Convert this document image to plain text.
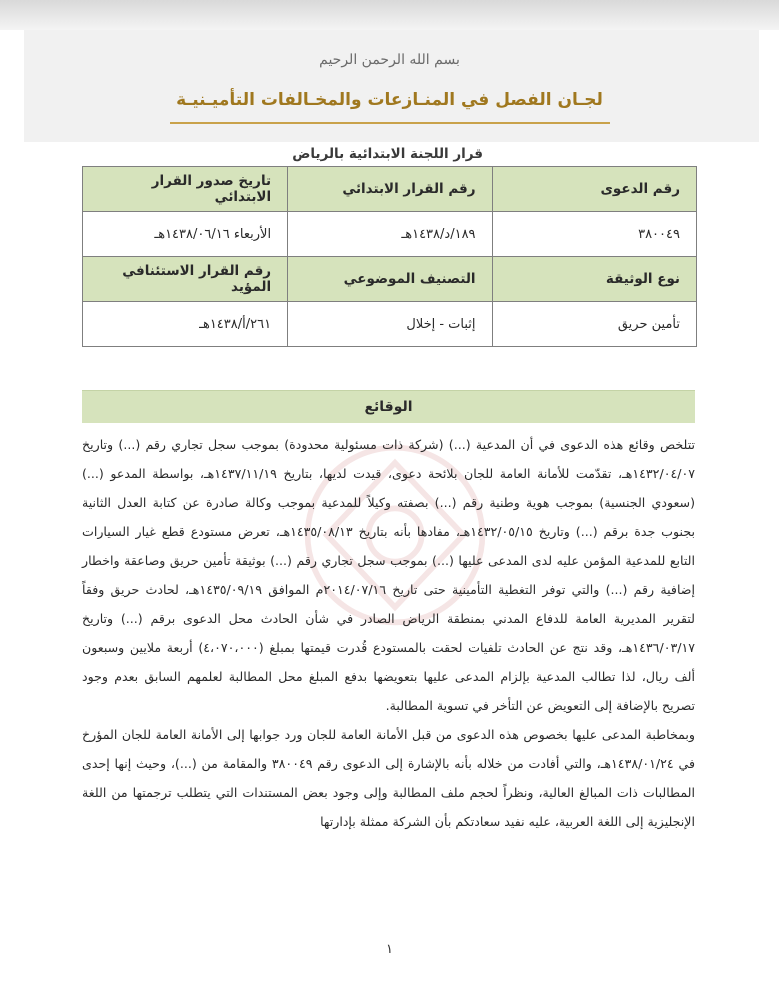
بسم الله الرحمن الرحيم
لجـان الفصل في المنـازعات والمخـالفات التأميـنيـة
قرار اللجنة الابتدائية بالرياض
رقم الدعوى	رقم القرار الابتدائي	تاريخ صدور القرار الابتدائي
٣٨٠٠٤٩	١٨٩/د/١٤٣٨هـ	الأربعاء ١٤٣٨/٠٦/١٦هـ
نوع الوثيقة	التصنيف الموضوعي	رقم القرار الاستئنافي المؤيد
تأمين حريق	إثبات - إخلال	٢٦١/أ/١٤٣٨هـ
الوقائع

تتلخص وقائع هذه الدعوى في أن المدعية (...) (شركة ذات مسئولية محدودة) بموجب سجل تجاري رقم (...) وتاريخ ١٤٣٢/٠٤/٠٧هـ، تقدّمت للأمانة العامة للجان بلائحة دعوى، قيدت لديها، بتاريخ ١٤٣٧/١١/١٩هـ، بواسطة المدعو (...) (سعودي الجنسية) بموجب هوية وطنية رقم (...) بصفته وكيلاً للمدعية بموجب وكالة صادرة عن كتابة العدل الثانية بجنوب جدة برقم (...) وتاريخ ١٤٣٢/٠٥/١٥هـ، مفادها بأنه بتاريخ ١٤٣٥/٠٨/١٣هـ، تعرض مستودع قطع غيار السيارات التابع للمدعية المؤمن عليه لدى المدعى عليها (...) بموجب سجل تجاري رقم (...) بوثيقة تأمين حريق وصاعقة واخطار إضافية رقم (...) والتي توفر التغطية التأمينية حتى تاريخ ٢٠١٤/٠٧/١٦م الموافق ١٤٣٥/٠٩/١٩هـ، لحادث حريق وفقاً لتقرير المديرية العامة للدفاع المدني بمنطقة الرياض الصادر في شأن الحادث محل الدعوى برقم (...) وتاريخ ١٤٣٦/٠٣/١٧هـ، وقد نتج عن الحادث تلفيات لحقت بالمستودع قُدرت قيمتها بمبلغ (٤،٠٧٠،٠٠٠) أربعة ملايين وسبعون ألف ريال، لذا تطالب المدعية بإلزام المدعى عليها بتعويضها بدفع المبلغ محل المطالبة لعلمهم السابق بعدم وجود تصريح بالإضافة إلى التعويض عن التأخر في تسوية المطالبة.

وبمخاطبة المدعى عليها بخصوص هذه الدعوى من قبل الأمانة العامة للجان ورد جوابها إلى الأمانة العامة للجان المؤرخ في ١٤٣٨/٠١/٢٤هـ، والتي أفادت من خلاله بأنه بالإشارة إلى الدعوى رقم ٣٨٠٠٤٩ والمقامة من (...)، وحيث إنها إحدى المطالبات ذات المبالغ العالية، ونظراً لحجم ملف المطالبة وإلى وجود بعض المستندات التي يتطلب ترجمتها من اللغة الإنجليزية إلى اللغة العربية، عليه نفيد سعادتكم بأن الشركة ممثلة بإدارتها

١
